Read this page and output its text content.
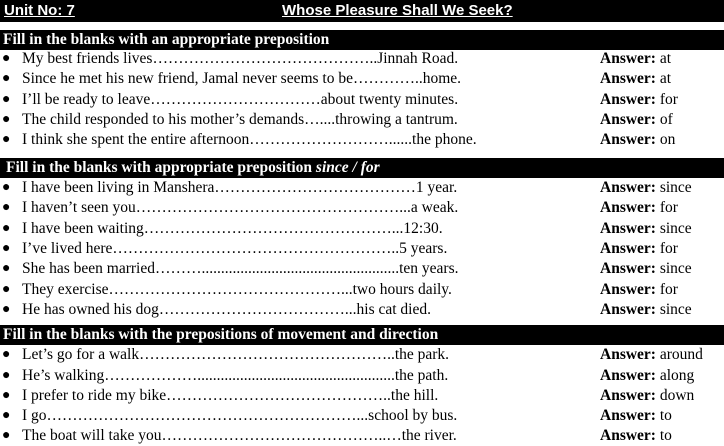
Unit No: 7	Whose Pleasure Shall We Seek?
Fill in the blanks with an appropriate preposition
● My best friends lives……………………………………..Jinnah Road.	Answer: at
● Since he met his new friend, Jamal never seems to be…………..home.	Answer: at
● I’ll be ready to leave……………………………about twenty minutes.	Answer: for
● The child responded to his mother’s demands…....throwing a tantrum.	Answer: of
● I think she spent the entire afternoon………………………......the phone.	Answer: on
Fill in the blanks with appropriate preposition since / for
● I have been living in Manshera…………………………………1 year.	Answer: since
● I haven’t seen you……………………………………………...a weak.	Answer: for
● I have been waiting…………………………………………...12:30.	Answer: since
● I’ve lived here………………………………………………..5 years.	Answer: for
● She has been married………...................................................ten years.	Answer: since
● They exercise………………………………………...two hours daily.	Answer: for
● He has owned his dog………………………………...his cat died.	Answer: since
Fill in the blanks with the prepositions of movement and direction
● Let’s go for a walk…………………………………………..the park.	Answer: around
● He’s walking………………...................................................the path.	Answer: along
● I prefer to ride my bike……………………………………..the hill.	Answer: down
● I go……………………………………………………...school by bus.	Answer: to
● The boat will take you……………………………………..…the river.	Answer: to
